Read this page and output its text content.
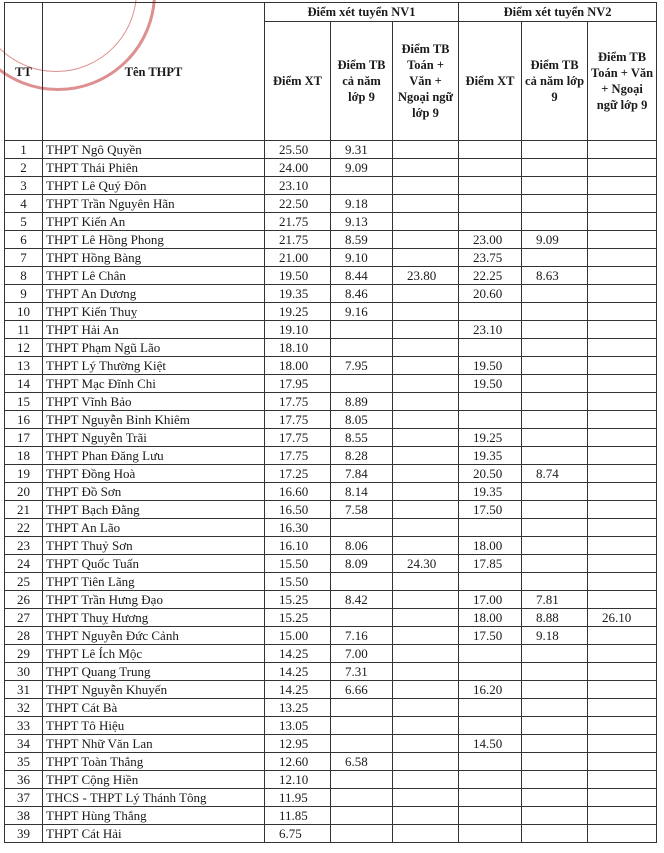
TT	Tên THPT	Điểm xét tuyển NV1			Điểm xét tuyển NV2		
		Điểm XT	Điểm TB cả năm lớp 9	Điểm TB Toán + Văn + Ngoại ngữ lớp 9	Điểm XT	Điểm TB cả năm lớp 9	Điểm TB Toán + Văn + Ngoại ngữ lớp 9
1	THPT Ngô Quyền	25.50	9.31				
2	THPT Thái Phiên	24.00	9.09				
3	THPT Lê Quý Đôn	23.10					
4	THPT Trần Nguyên Hãn	22.50	9.18				
5	THPT Kiến An	21.75	9.13				
6	THPT Lê Hồng Phong	21.75	8.59		23.00	9.09	
7	THPT Hồng Bàng	21.00	9.10		23.75		
8	THPT Lê Chân	19.50	8.44	23.80	22.25	8.63	
9	THPT An Dương	19.35	8.46		20.60		
10	THPT Kiến Thuỵ	19.25	9.16				
11	THPT Hải An	19.10			23.10		
12	THPT Phạm Ngũ Lão	18.10					
13	THPT Lý Thường Kiệt	18.00	7.95		19.50		
14	THPT Mạc Đĩnh Chi	17.95			19.50		
15	THPT Vĩnh Bảo	17.75	8.89				
16	THPT Nguyễn Bỉnh Khiêm	17.75	8.05				
17	THPT Nguyễn Trãi	17.75	8.55		19.25		
18	THPT Phan Đăng Lưu	17.75	8.28		19.35		
19	THPT Đồng Hoà	17.25	7.84		20.50	8.74	
20	THPT Đồ Sơn	16.60	8.14		19.35		
21	THPT Bạch Đằng	16.50	7.58		17.50		
22	THPT An Lão	16.30					
23	THPT Thuỷ Sơn	16.10	8.06		18.00		
24	THPT Quốc Tuấn	15.50	8.09	24.30	17.85		
25	THPT Tiên Lãng	15.50					
26	THPT Trần Hưng Đạo	15.25	8.42		17.00	7.81	
27	THPT Thuỵ Hương	15.25			18.00	8.88	26.10
28	THPT Nguyễn Đức Cảnh	15.00	7.16		17.50	9.18	
29	THPT Lê Ích Mộc	14.25	7.00				
30	THPT Quang Trung	14.25	7.31				
31	THPT Nguyễn Khuyến	14.25	6.66		16.20		
32	THPT Cát Bà	13.25					
33	THPT Tô Hiệu	13.05					
34	THPT Nhữ Văn Lan	12.95			14.50		
35	THPT Toàn Thắng	12.60	6.58				
36	THPT Cộng Hiền	12.10					
37	THCS - THPT Lý Thánh Tông	11.95					
38	THPT Hùng Thắng	11.85					
39	THPT Cát Hải	6.75					
